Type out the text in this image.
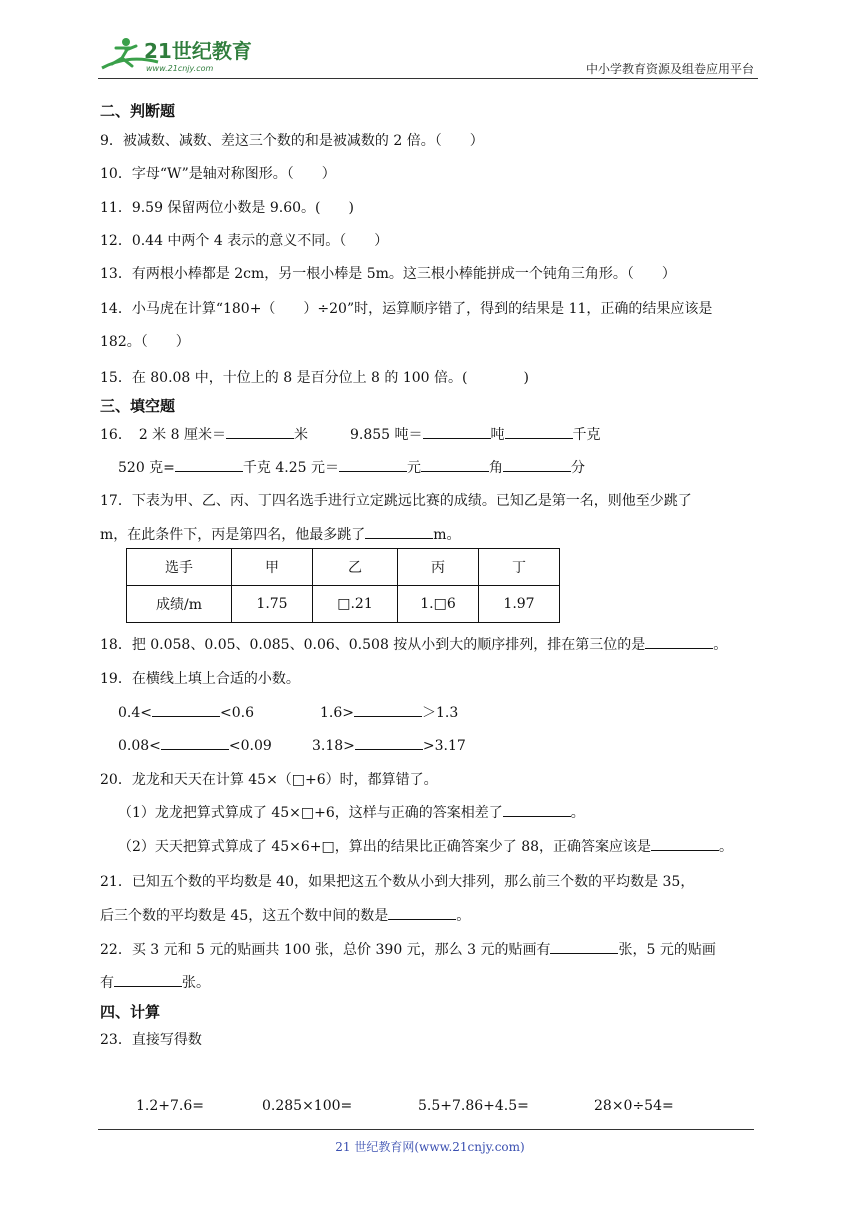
21世纪教育
www.21cnjy.com	中小学教育资源及组卷应用平台
二、判断题
9．被减数、减数、差这三个数的和是被减数的 2 倍。（　　）
10．字母“W”是轴对称图形。（　　）
11．9.59 保留两位小数是 9.60。(　　)
12．0.44 中两个 4 表示的意义不同。（　　）
13．有两根小棒都是 2cm，另一根小棒是 5m。这三根小棒能拼成一个钝角三角形。（　　）
14．小马虎在计算“180+（　　）÷20”时，运算顺序错了，得到的结果是 11，正确的结果应该是
182。（　　）
15．在 80.08 中，十位上的 8 是百分位上 8 的 100 倍。(　　　　)
三、填空题
16．　2 米 8 厘米＝	米　　　9.855 吨＝	吨	千克
520 克=	千克 4.25 元＝	元	角	分
17．下表为甲、乙、丙、丁四名选手进行立定跳远比赛的成绩。已知乙是第一名，则他至少跳了
m，在此条件下，丙是第四名，他最多跳了	m。
选手	甲	乙	丙	丁
成绩/m	1.75	□.21	1.□6	1.97
18．把 0.058、0.05、0.085、0.06、0.508 按从小到大的顺序排列，排在第三位的是	。
19．在横线上填上合适的小数。
0.4<	<0.6	1.6>	＞1.3
0.08<	<0.09	3.18>	>3.17
20．龙龙和天天在计算 45×（□+6）时，都算错了。
（1）龙龙把算式算成了 45×□+6，这样与正确的答案相差了	。
（2）天天把算式算成了 45×6+□，算出的结果比正确答案少了 88，正确答案应该是	。
21．已知五个数的平均数是 40，如果把这五个数从小到大排列，那么前三个数的平均数是 35，
后三个数的平均数是 45，这五个数中间的数是	。
22．买 3 元和 5 元的贴画共 100 张，总价 390 元，那么 3 元的贴画有	张，5 元的贴画
有	张。
四、计算
23．直接写得数
1.2+7.6=	0.285×100=	5.5+7.86+4.5=	28×0÷54=
21 世纪教育网(www.21cnjy.com)
